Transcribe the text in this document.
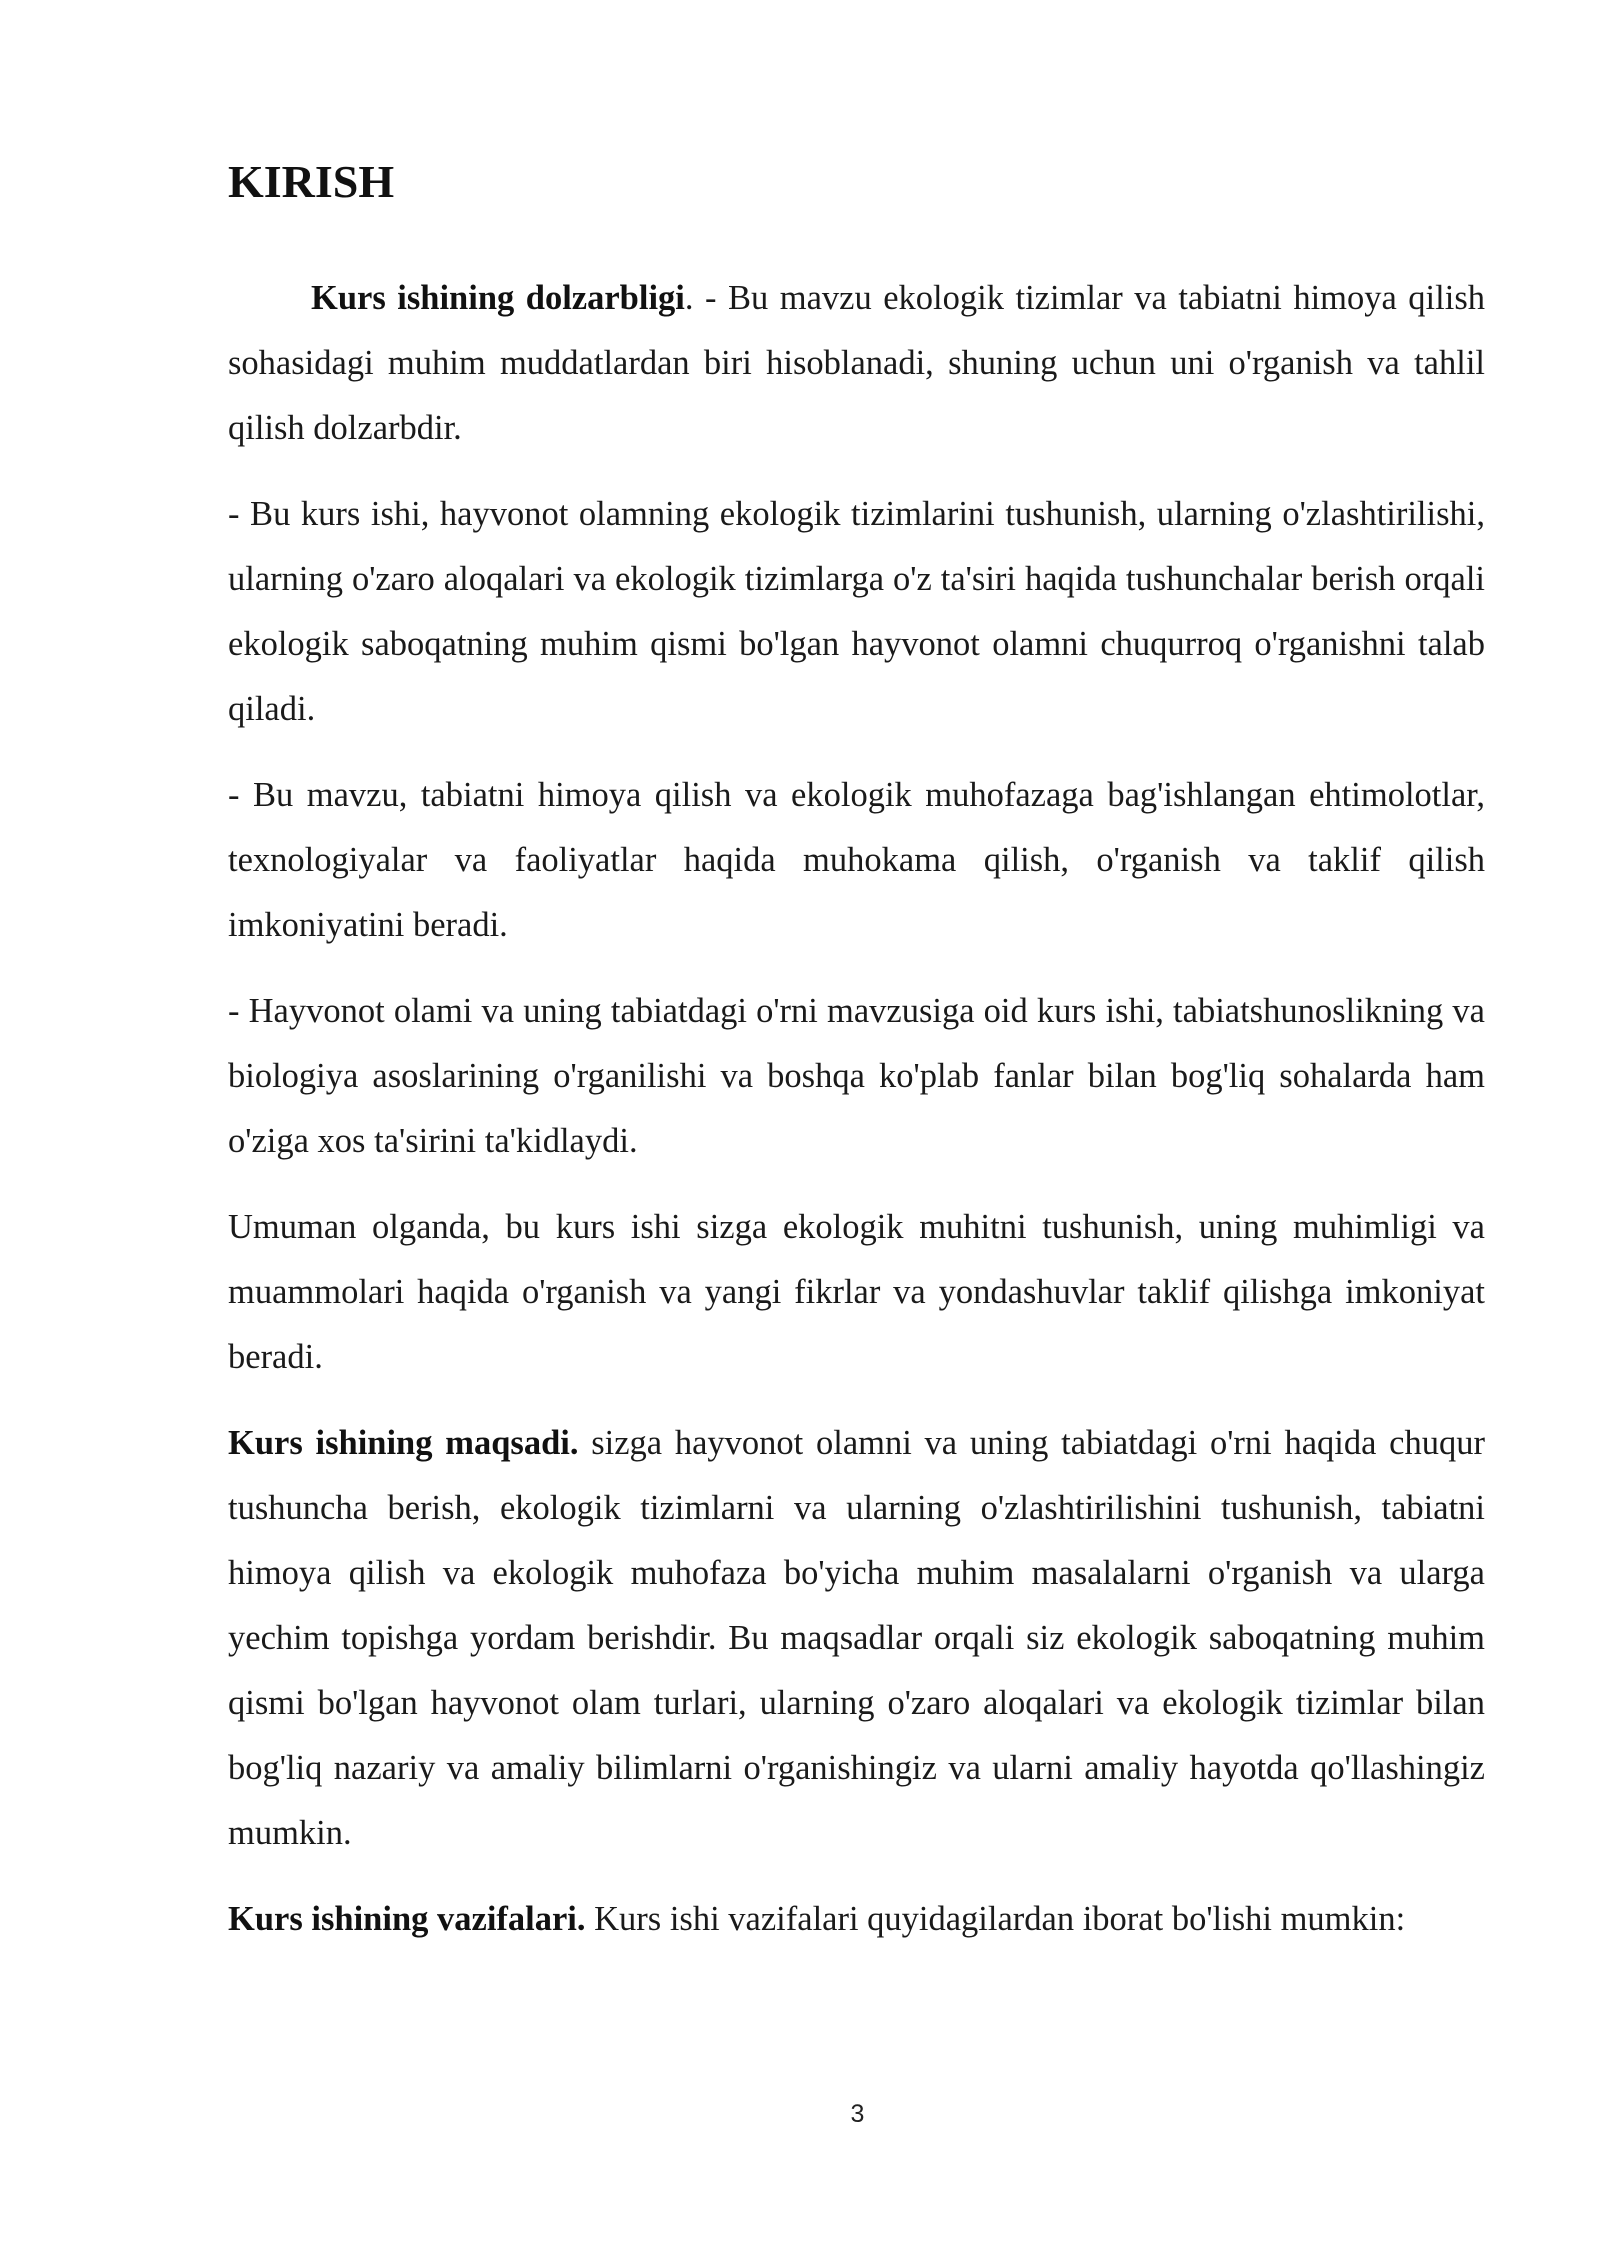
KIRISH

Kurs ishining dolzarbligi. - Bu mavzu ekologik tizimlar va tabiatni himoya qilish sohasidagi muhim muddatlardan biri hisoblanadi, shuning uchun uni o'rganish va tahlil qilish dolzarbdir.

- Bu kurs ishi, hayvonot olamning ekologik tizimlarini tushunish, ularning o'zlashtirilishi, ularning o'zaro aloqalari va ekologik tizimlarga o'z ta'siri haqida tushunchalar berish orqali ekologik saboqatning muhim qismi bo'lgan hayvonot olamni chuqurroq o'rganishni talab qiladi.

- Bu mavzu, tabiatni himoya qilish va ekologik muhofazaga bag'ishlangan ehtimolotlar, texnologiyalar va faoliyatlar haqida muhokama qilish, o'rganish va taklif qilish imkoniyatini beradi.

- Hayvonot olami va uning tabiatdagi o'rni mavzusiga oid kurs ishi, tabiatshunoslikning va biologiya asoslarining o'rganilishi va boshqa ko'plab fanlar bilan bog'liq sohalarda ham o'ziga xos ta'sirini ta'kidlaydi.

Umuman olganda, bu kurs ishi sizga ekologik muhitni tushunish, uning muhimligi va muammolari haqida o'rganish va yangi fikrlar va yondashuvlar taklif qilishga imkoniyat beradi.

Kurs ishining maqsadi. sizga hayvonot olamni va uning tabiatdagi o'rni haqida chuqur tushuncha berish, ekologik tizimlarni va ularning o'zlashtirilishini tushunish, tabiatni himoya qilish va ekologik muhofaza bo'yicha muhim masalalarni o'rganish va ularga yechim topishga yordam berishdir. Bu maqsadlar orqali siz ekologik saboqatning muhim qismi bo'lgan hayvonot olam turlari, ularning o'zaro aloqalari va ekologik tizimlar bilan bog'liq nazariy va amaliy bilimlarni o'rganishingiz va ularni amaliy hayotda qo'llashingiz mumkin.

Kurs ishining vazifalari. Kurs ishi vazifalari quyidagilardan iborat bo'lishi mumkin:

3
